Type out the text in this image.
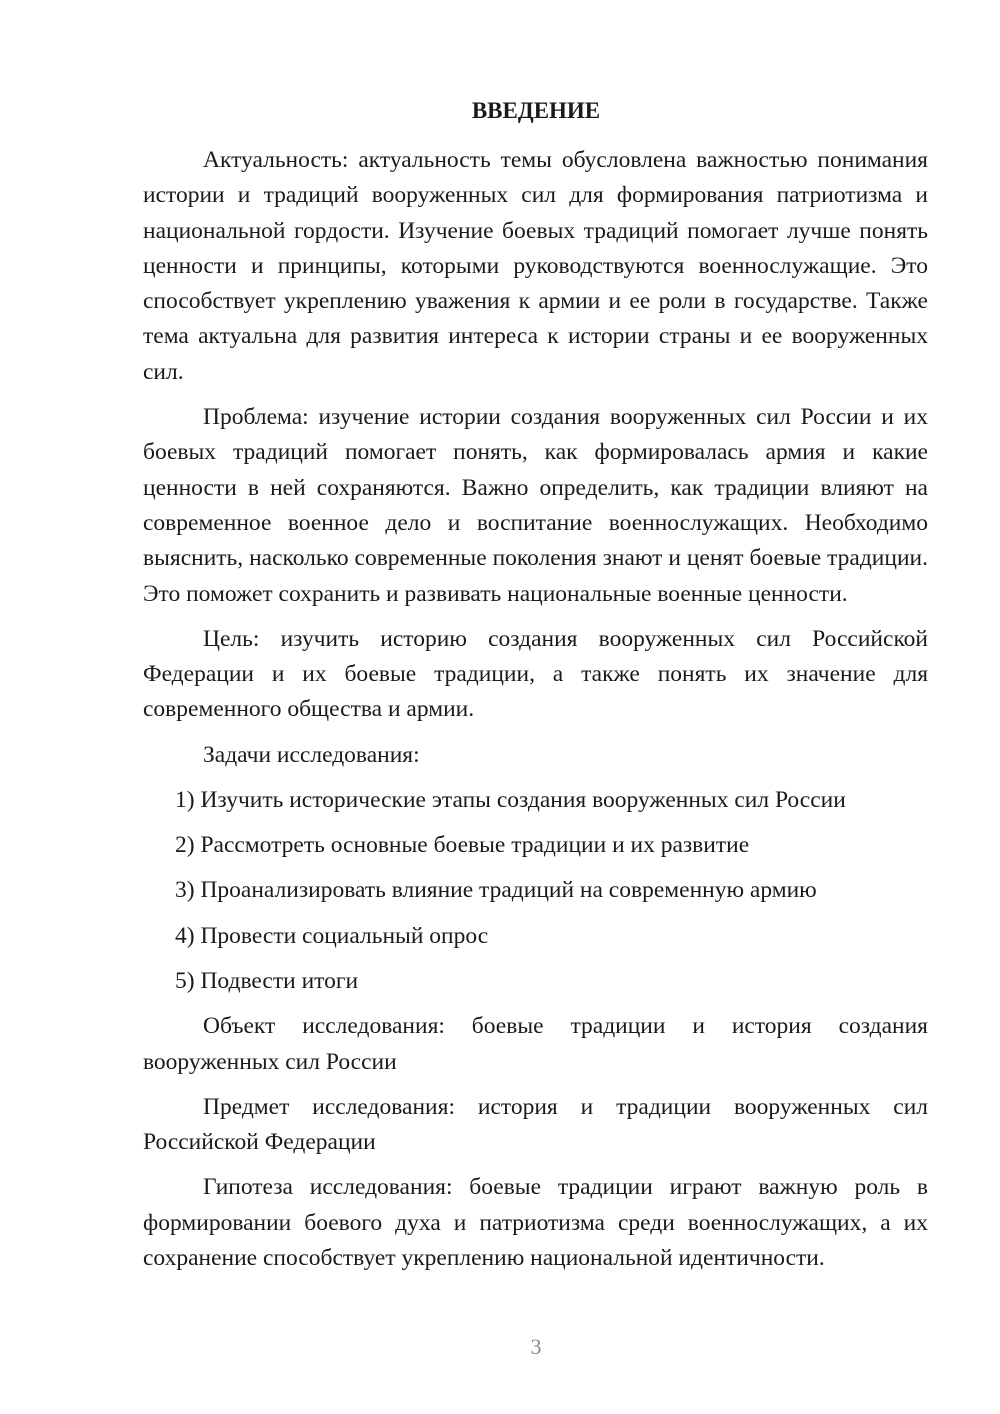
ВВЕДЕНИЕ

Актуальность: актуальность темы обусловлена важностью понимания истории и традиций вооруженных сил для формирования патриотизма и национальной гордости. Изучение боевых традиций помогает лучше понять ценности и принципы, которыми руководствуются военнослужащие. Это способствует укреплению уважения к армии и ее роли в государстве. Также тема актуальна для развития интереса к истории страны и ее вооруженных сил.

Проблема: изучение истории создания вооруженных сил России и их боевых традиций помогает понять, как формировалась армия и какие ценности в ней сохраняются. Важно определить, как традиции влияют на современное военное дело и воспитание военнослужащих. Необходимо выяснить, насколько современные поколения знают и ценят боевые традиции. Это поможет сохранить и развивать национальные военные ценности.

Цель: изучить историю создания вооруженных сил Российской Федерации и их боевые традиции, а также понять их значение для современного общества и армии.

Задачи исследования:

1) Изучить исторические этапы создания вооруженных сил России
2) Рассмотреть основные боевые традиции и их развитие
3) Проанализировать влияние традиций на современную армию
4) Провести социальный опрос
5) Подвести итоги

Объект исследования: боевые традиции и история создания вооруженных сил России

Предмет исследования: история и традиции вооруженных сил Российской Федерации

Гипотеза исследования: боевые традиции играют важную роль в формировании боевого духа и патриотизма среди военнослужащих, а их сохранение способствует укреплению национальной идентичности.

3
